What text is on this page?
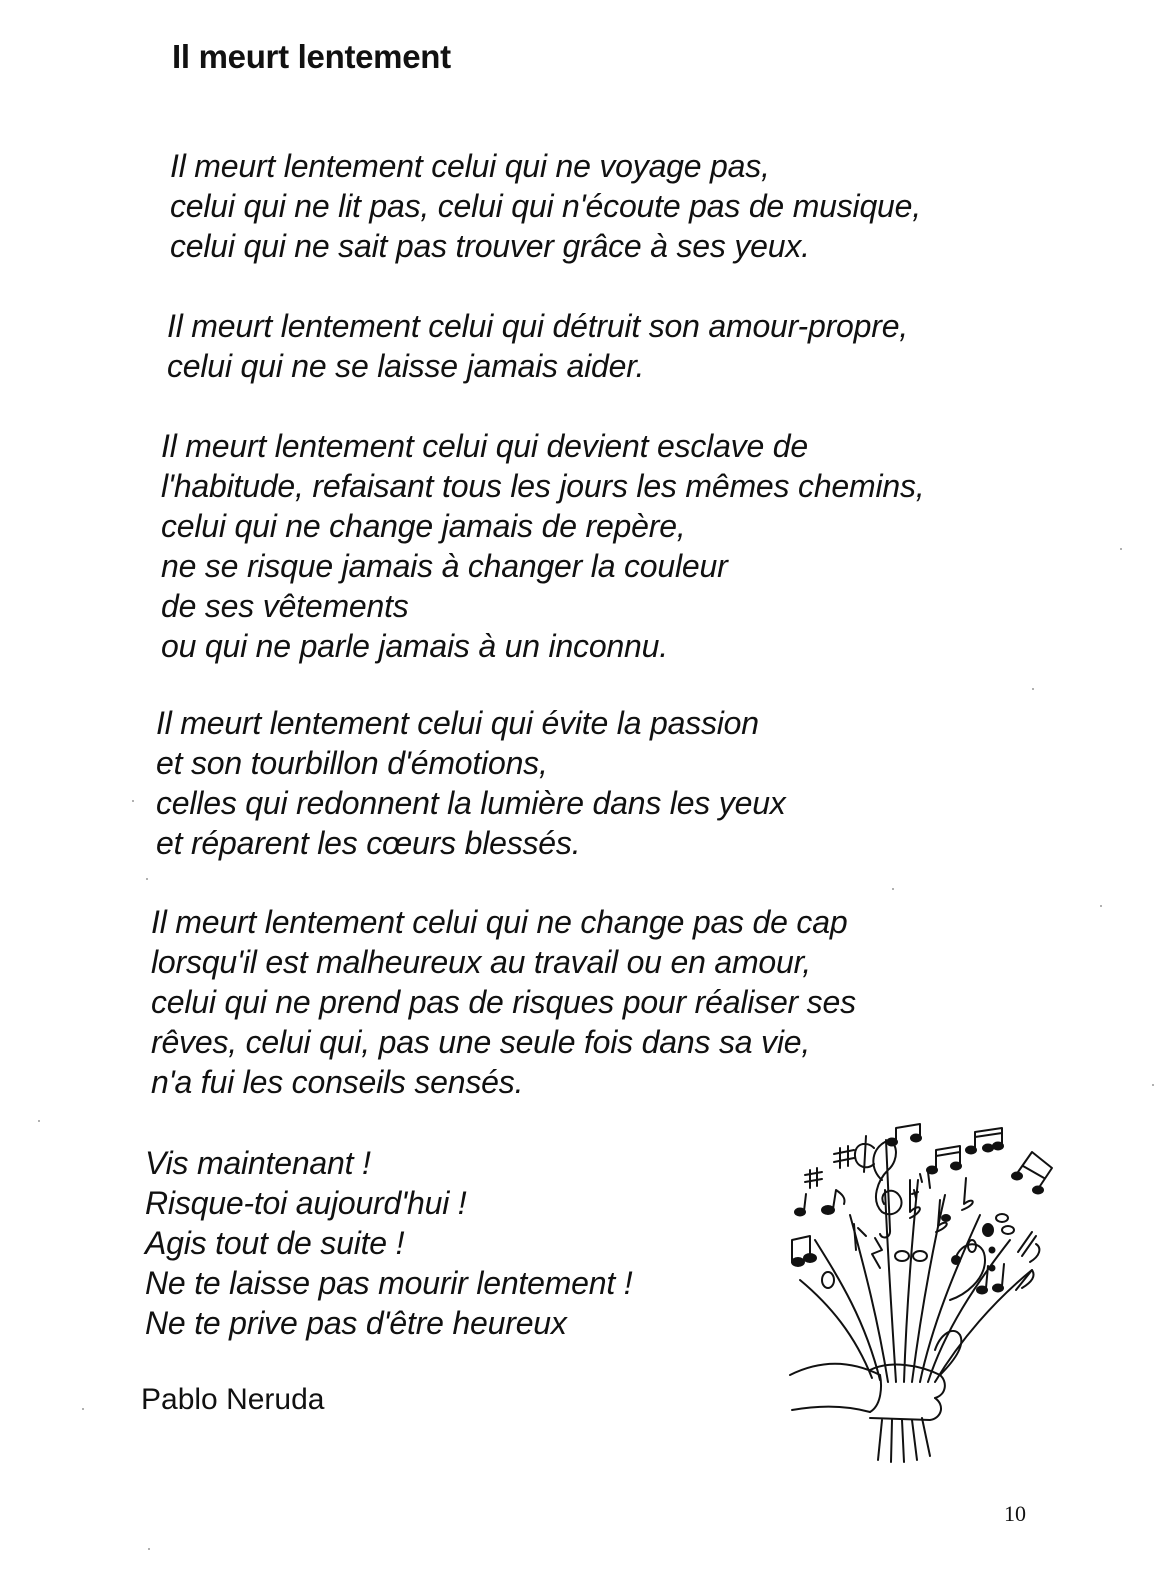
Il meurt lentement

Il meurt lentement celui qui ne voyage pas,
celui qui ne lit pas, celui qui n'écoute pas de musique,
celui qui ne sait pas trouver grâce à ses yeux.

Il meurt lentement celui qui détruit son amour-propre,
celui qui ne se laisse jamais aider.

Il meurt lentement celui qui devient esclave de
l'habitude, refaisant tous les jours les mêmes chemins,
celui qui ne change jamais de repère,
ne se risque jamais à changer la couleur
de ses vêtements
ou qui ne parle jamais à un inconnu.

Il meurt lentement celui qui évite la passion
et son tourbillon d'émotions,
celles qui redonnent la lumière dans les yeux
et réparent les cœurs blessés.

Il meurt lentement celui qui ne change pas de cap
lorsqu'il est malheureux au travail ou en amour,
celui qui ne prend pas de risques pour réaliser ses
rêves, celui qui, pas une seule fois dans sa vie,
n'a fui les conseils sensés.

Vis maintenant !
Risque-toi aujourd'hui !
Agis tout de suite !
Ne te laisse pas mourir lentement !
Ne te prive pas d'être heureux

Pablo Neruda

10
